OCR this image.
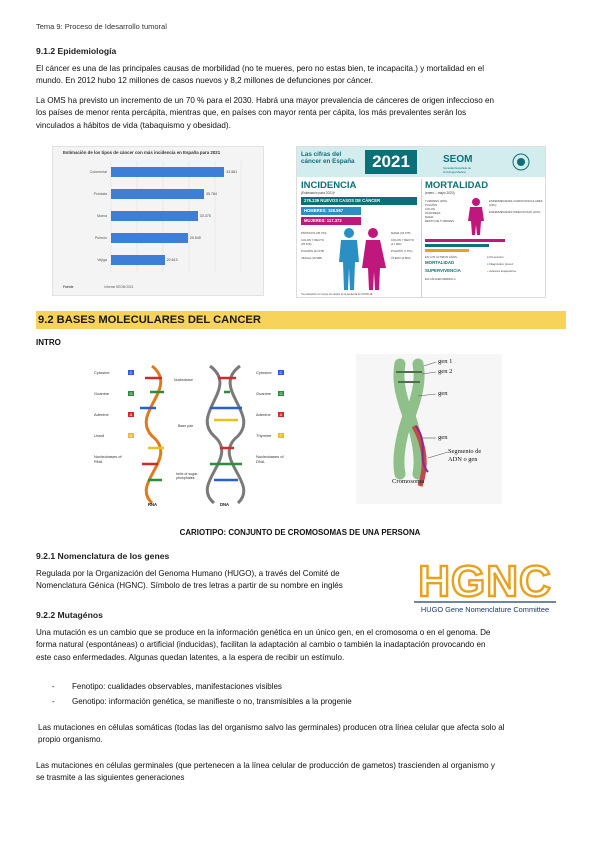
Tema 9: Proceso de Idesarrollo tumoral
9.1.2 Epidemiología
El cáncer es una de las principales causas de morbilidad (no te mueres, pero no estas bien, te incapacita.) y mortalidad en el
mundo. En 2012 hubo 12 millones de casos nuevos y 8,2 millones de defunciones por cáncer.
La OMS ha previsto un incremento de un 70 % para el 2030. Habrá una mayor prevalencia de cánceres de origen infeccioso en
los países de menor renta percápita, mientras que, en países con mayor renta per cápita, los más prevalentes serán los
vinculados a hábitos de vida (tabaquismo y obesidad).
Estimación de los tipos de cáncer con más incidencia en España para 2021
Colorrectal	43.581
Próstata	35.764
Mama	33.375
Pulmón	29.549
Vejiga	20.613
Fuente	Informe SEOM 2021
Las cifras del
cáncer en España	2021	SEOM
Sociedad Española de Oncología Médica
INCIDENCIA
(Estimación para 2021)*
276.239 NUEVOS CASOS DE CÁNCER
HOMBRES: 158.867
MUJERES: 117.372
PRÓSTATA (35.764)
COLON Y RECTO (25.679)
PULMÓN (21.578)
VEJIGA (16.588)
MAMA (33.375)
COLON Y RECTO (17.903)
PULMÓN (7.971)
ÚTERO (6.803)
*La estimación no incluye los efectos de la pandemia de COVID-19
MORTALIDAD
(enero – mayo 2020)
TUMORES (26%)
PULMÓN
COLON
PÁNCREAS
MAMA
RESTO DE TUMORES
ENFERMEDADES CARDIOVASCULARES (24%)
ENFERMEDADES INFECCIOSAS (16%)
EN LOS ÚLTIMOS AÑOS
MORTALIDAD
SUPERVIVENCIA
EN CÁNCER DEBIDO A:
● Prevención
● Diagnóstico precoz
● Avances terapéuticos
9.2 BASES MOLECULARES DEL CANCER
INTRO
Cytosine
Guanine
Adenine
Uracil
Nucleobases of RNA
C
G
A
U
Cytosine
Guanine
Adenine
Thymine
Nucleobases of DNA
C
G
A
T
Nucleobase
Base pair
helix of sugar-phosphates
RNA	DNA
gen 1
gen 2
gen
gen
Segmento de
ADN o gen
Cromosoma
CARIOTIPO: CONJUNTO DE CROMOSOMAS DE UNA PERSONA
9.2.1 Nomenclatura de los genes
Regulada por la Organización del Genoma Humano (HUGO), a través del Comité de
Nomenclatura Génica (HGNC). Símbolo de tres letras a partir de su nombre en inglés	HGNC
HUGO Gene Nomenclature Committee
9.2.2 Mutagénos
Una mutación es un cambio que se produce en la información genética en un único gen, en el cromosoma o en el genoma. De
forma natural (espontáneas) o artificial (inducidas), facilitan la adaptación al cambio o también la inadaptación provocando en
este caso enfermedades. Algunas quedan latentes, a la espera de recibir un estímulo.
- Fenotipo: cualidades observables, manifestaciones visibles
- Genotipo: información genética, se manifieste o no, transmisibles a la progenie
Las mutaciones en células somáticas (todas las del organismo salvo las germinales) producen otra línea celular que afecta solo al
propio organismo.
Las mutaciones en células germinales (que pertenecen a la línea celular de producción de gametos) trascienden al organismo y
se trasmite a las siguientes generaciones
